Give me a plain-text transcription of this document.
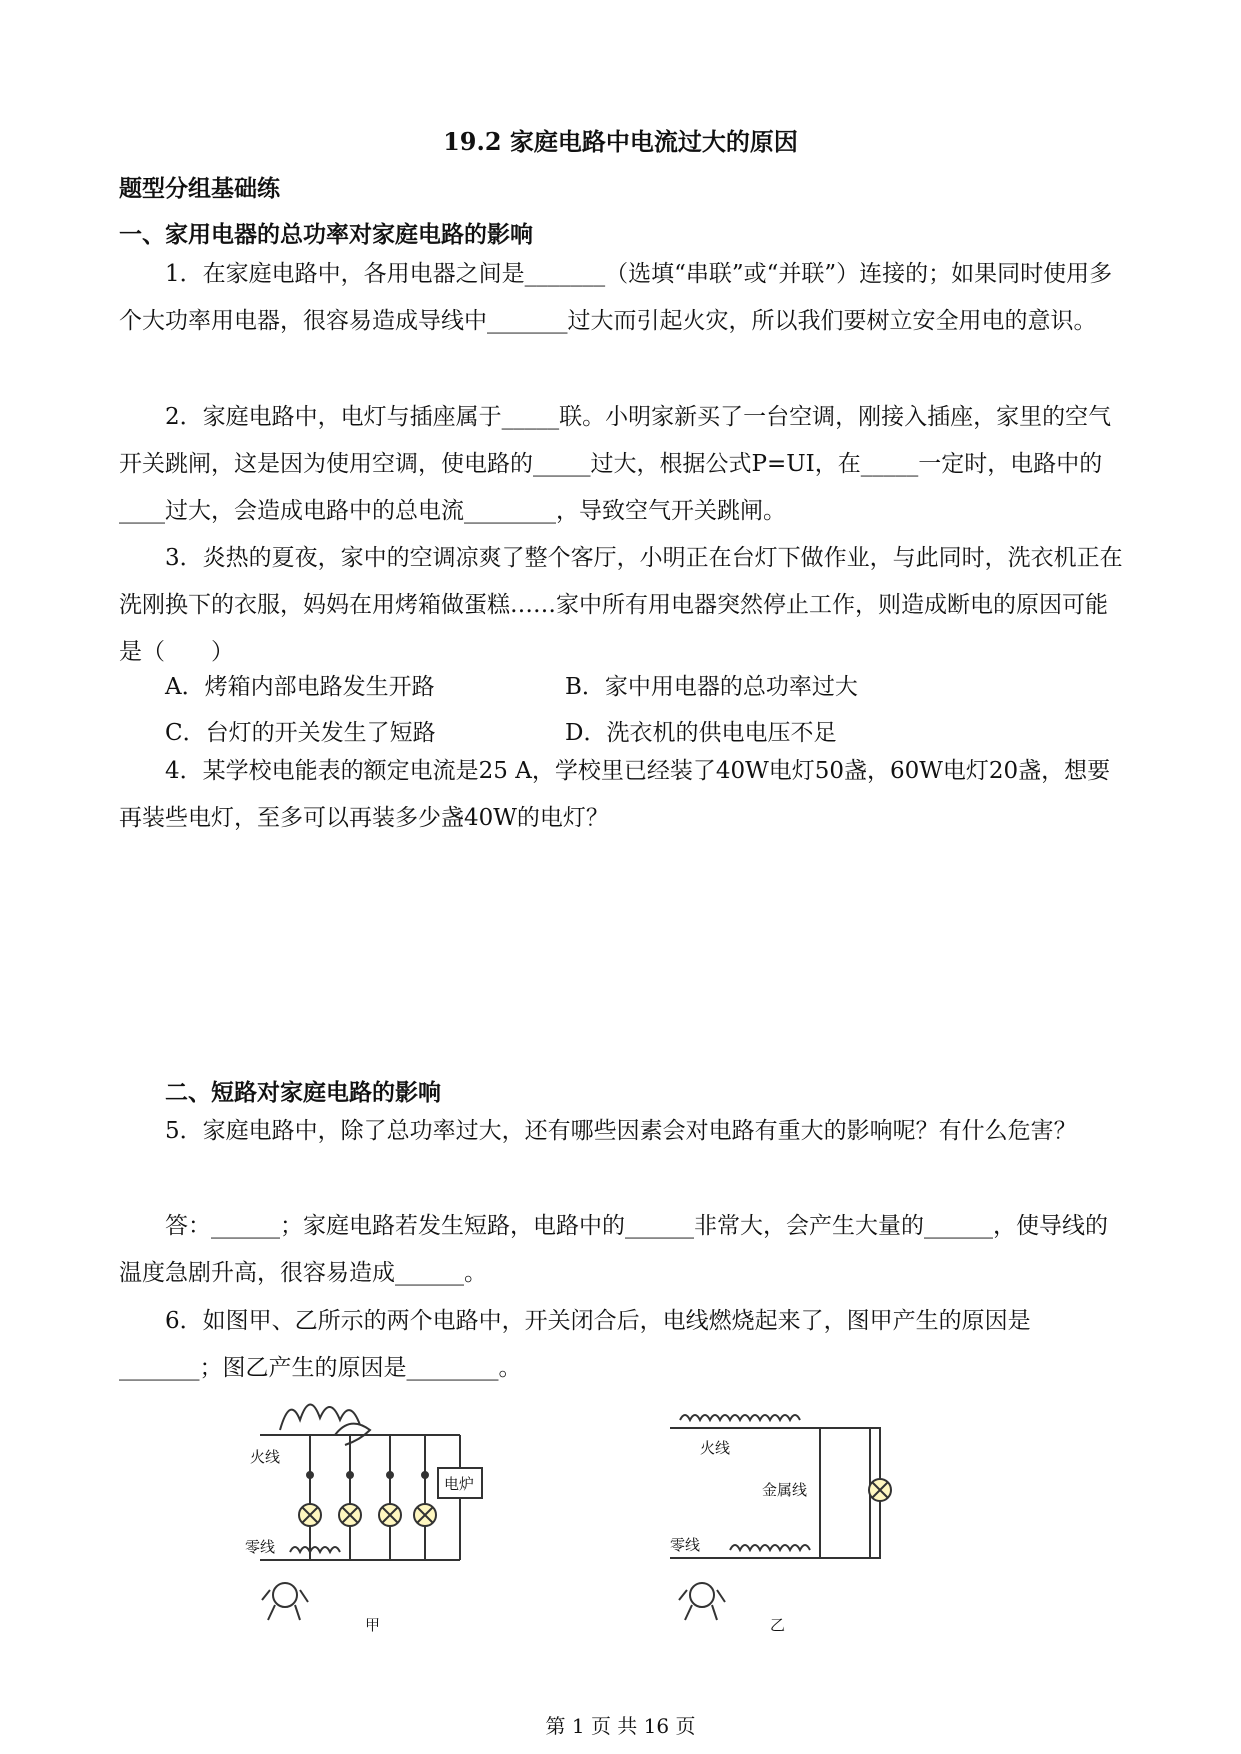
19.2 家庭电路中电流过大的原因
题型分组基础练
一、家用电器的总功率对家庭电路的影响
1．在家庭电路中，各用电器之间是_______（选填“串联”或“并联”）连接的；如果同时使用多个大功率用电器，很容易造成导线中_______过大而引起火灾，所以我们要树立安全用电的意识。
2．家庭电路中，电灯与插座属于_____联。小明家新买了一台空调，刚接入插座，家里的空气开关跳闸，这是因为使用空调，使电路的_____过大，根据公式P=UI，在_____一定时，电路中的____过大，会造成电路中的总电流________，导致空气开关跳闸。
3．炎热的夏夜，家中的空调凉爽了整个客厅，小明正在台灯下做作业，与此同时，洗衣机正在洗刚换下的衣服，妈妈在用烤箱做蛋糕……家中所有用电器突然停止工作，则造成断电的原因可能是（　　）
A．烤箱内部电路发生开路	B．家中用电器的总功率过大
C．台灯的开关发生了短路	D．洗衣机的供电电压不足
4．某学校电能表的额定电流是25 A，学校里已经装了40W电灯50盏，60W电灯20盏，想要再装些电灯，至多可以再装多少盏40W的电灯？
二、短路对家庭电路的影响
5．家庭电路中，除了总功率过大，还有哪些因素会对电路有重大的影响呢？有什么危害？
答：______；家庭电路若发生短路，电路中的______非常大，会产生大量的______，使导线的温度急剧升高，很容易造成______。
6．如图甲、乙所示的两个电路中，开关闭合后，电线燃烧起来了，图甲产生的原因是_______；图乙产生的原因是________。
火线
零线
电炉
甲
火线
零线
金属线
乙
第 1 页 共 16 页
